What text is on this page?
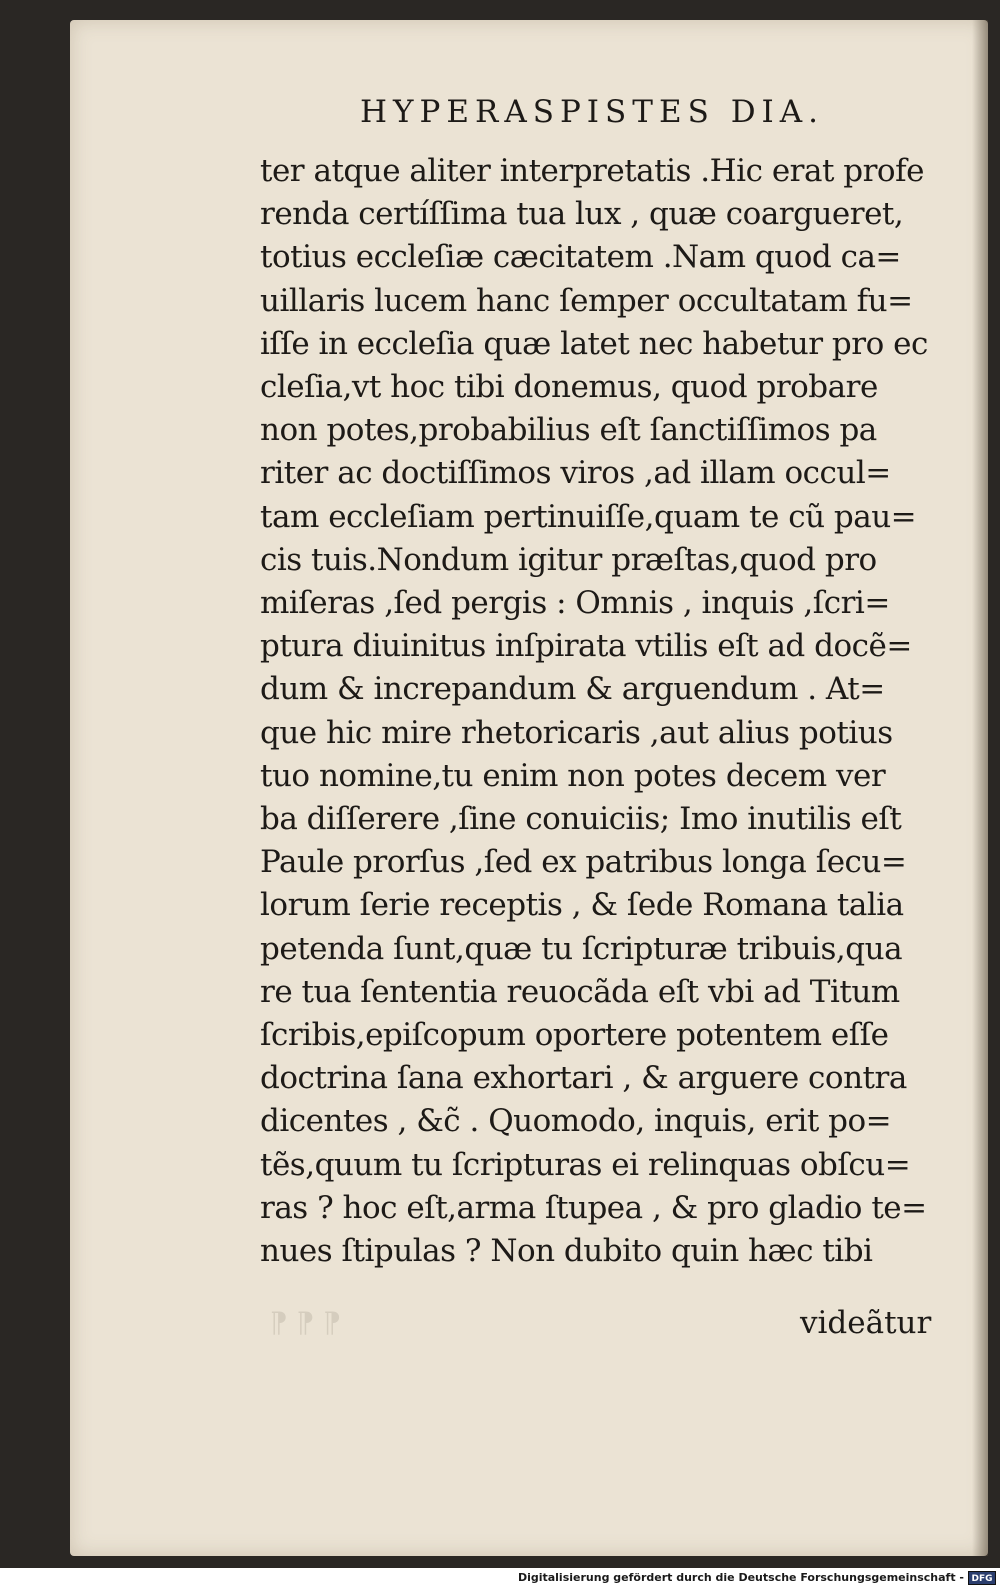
HYPERASPISTES DIA.
ter atque aliter interpretatis .Hic erat profe
renda certíſſima tua lux , quæ coargueret,
totius eccleſiæ cæcitatem .Nam quod ca=
uillaris lucem hanc ſemper occultatam fu=
iſſe in eccleſia quæ latet nec habetur pro ec
cleſia,vt hoc tibi donemus, quod probare
non potes,probabilius eſt ſanctiſſimos pa
riter ac doctiſſimos viros ,ad illam occul=
tam eccleſiam pertinuiſſe,quam te cũ pau=
cis tuis.Nondum igitur præſtas,quod pro
miſeras ,ſed pergis : Omnis , inquis ,ſcri=
ptura diuinitus inſpirata vtilis eſt ad docẽ=
dum & increpandum & arguendum . At=
que hic mire rhetoricaris ,aut alius potius
tuo nomine,tu enim non potes decem ver
ba diſſerere ,ſine conuiciis; Imo inutilis eſt
Paule prorſus ,ſed ex patribus longa ſecu=
lorum ſerie receptis , & ſede Romana talia
petenda ſunt,quæ tu ſcripturæ tribuis,qua
re tua ſententia reuocãda eſt vbi ad Titum
ſcribis,epiſcopum oportere potentem eſſe
doctrina ſana exhortari , & arguere contra
dicentes , &c̃ . Quomodo, inquis, erit po=
tẽs,quum tu ſcripturas ei relinquas obſcu=
ras ? hoc eſt,arma ſtupea , & pro gladio te=
nues ſtipulas ? Non dubito quin hæc tibi
¶ ¶ ¶	videãtur
Digitalisierung gefördert durch die Deutsche Forschungsgemeinschaft - DFG
